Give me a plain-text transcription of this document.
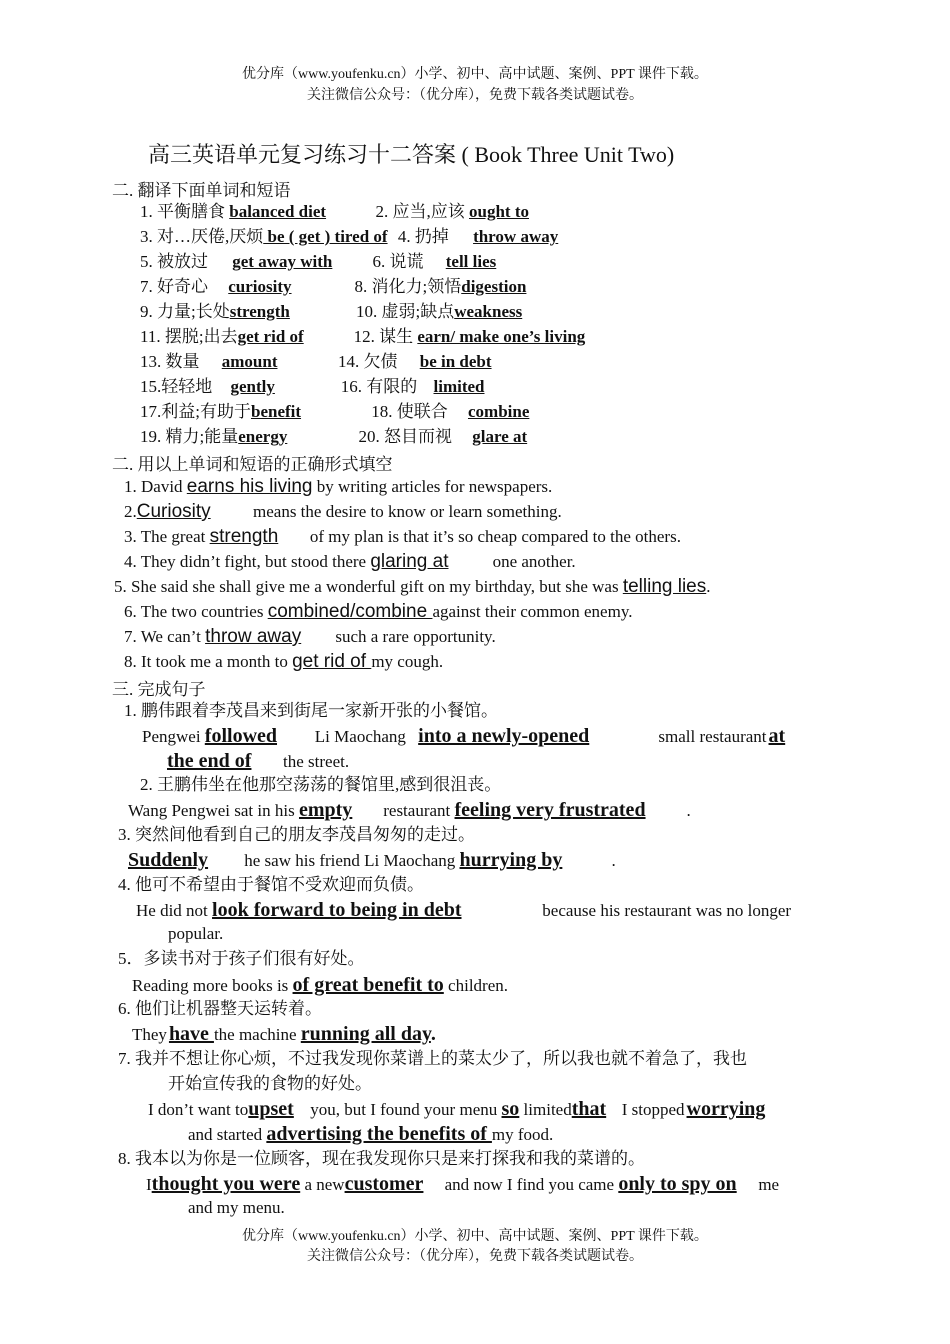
优分库（www.youfenku.cn）小学、初中、高中试题、案例、PPT 课件下载。
关注微信公众号：（优分库），免费下载各类试题试卷。
高三英语单元复习练习十二答案 ( Book Three Unit Two)
二. 翻译下面单词和短语
1. 平衡膳食 balanced diet	2. 应当,应该 ought to
3. 对…厌倦,厌烦 be ( get ) tired of 4. 扔掉 throw away
5. 被放过 get away with 6. 说谎 tell lies
7. 好奇心 curiosity	8. 消化力;领悟digestion
9. 力量;长处strength	10. 虚弱;缺点weakness
11. 摆脱;出去get rid of	12. 谋生 earn/ make one’s living
13. 数量 amount	14. 欠债 be in debt
15.轻轻地 gently	16. 有限的 limited
17.利益;有助于benefit	18. 使联合 combine
19. 精力;能量energy	20. 怒目而视 glare at
二. 用以上单词和短语的正确形式填空
1. David earns his living by writing articles for newspapers.
2.Curiosity means the desire to know or learn something.
3. The great strength of my plan is that it’s so cheap compared to the others.
4. They didn’t fight, but stood there glaring at	one another.
5. She said she shall give me a wonderful gift on my birthday, but she was telling lies.
6. The two countries combined/combine against their common enemy.
7. We can’t throw away such a rare opportunity.
8. It took me a month to get rid of my cough.
三. 完成句子
1. 鹏伟跟着李茂昌来到街尾一家新开张的小餐馆。
Pengwei followedLi Maochang into a newly-opened	small restaurant at
the end ofthe street.
2. 王鹏伟坐在他那空荡荡的餐馆里,感到很沮丧。
Wang Pengwei sat in his empty restaurant feeling very frustrated.
3. 突然间他看到自己的朋友李茂昌匆匆的走过。
Suddenly he saw his friend Li Maochang hurrying by	.
4. 他可不希望由于餐馆不受欢迎而负债。
He did not look forward to being in debt	because his restaurant was no longer
popular.
5．多读书对于孩子们很有好处。
Reading more books is of great benefit to children.
6. 他们让机器整天运转着。
They have the machine running all day.
7. 我并不想让你心烦，不过我发现你菜谱上的菜太少了，所以我也就不着急了，我也
开始宣传我的食物的好处。
I don’t want toupsetyou, but I found your menu so limitedthatI stopped worrying
and started advertising the benefits of my food.
8. 我本以为你是一位顾客，现在我发现你只是来打探我和我的菜谱的。
Ithought you were a newcustomerand now I find you came only to spy onme
and my menu.
优分库（www.youfenku.cn）小学、初中、高中试题、案例、PPT 课件下载。
关注微信公众号：（优分库），免费下载各类试题试卷。
